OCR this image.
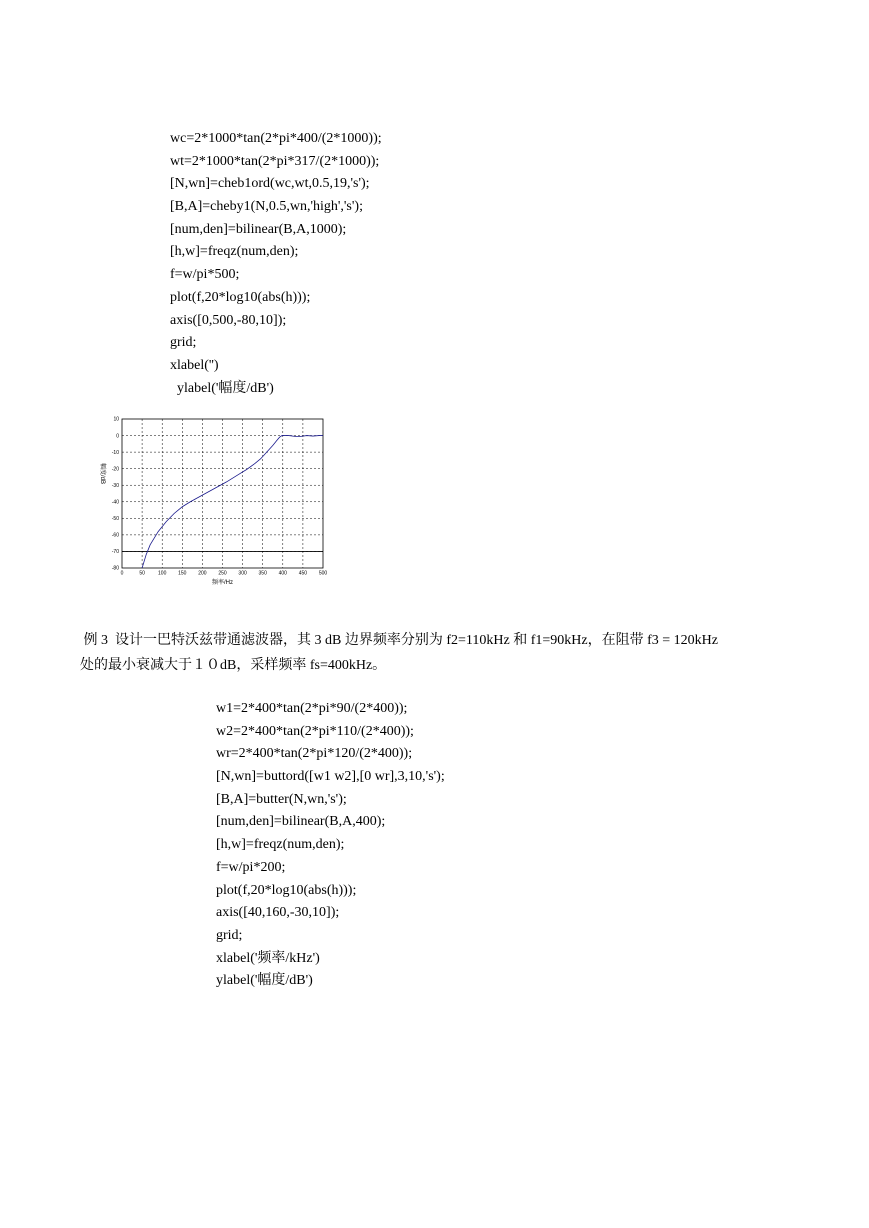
wc=2*1000*tan(2*pi*400/(2*1000));
wt=2*1000*tan(2*pi*317/(2*1000));
[N,wn]=cheb1ord(wc,wt,0.5,19,'s');
[B,A]=cheby1(N,0.5,wn,'high','s');
[num,den]=bilinear(B,A,1000);
[h,w]=freqz(num,den);
f=w/pi*500;
plot(f,20*log10(abs(h)));
axis([0,500,-80,10]);
grid;
xlabel('')
ylabel('幅度/dB')
0	50	100 150 200 250 300 350 400 450 500
10
0
-10
-20
-30
-40
-50
-60
-70
-80
频率/Hz
幅度/dB
例 3  设计一巴特沃兹带通滤波器，其 3 dB 边界频率分别为 f2=110kHz 和 f1=90kHz，在阻带 f3 = 120kHz
处的最小衰减大于１０dB，采样频率 fs=400kHz。
w1=2*400*tan(2*pi*90/(2*400));
w2=2*400*tan(2*pi*110/(2*400));
wr=2*400*tan(2*pi*120/(2*400));
[N,wn]=buttord([w1 w2],[0 wr],3,10,'s');
[B,A]=butter(N,wn,'s');
[num,den]=bilinear(B,A,400);
[h,w]=freqz(num,den);
f=w/pi*200;
plot(f,20*log10(abs(h)));
axis([40,160,-30,10]);
grid;
xlabel('频率/kHz')
ylabel('幅度/dB')
